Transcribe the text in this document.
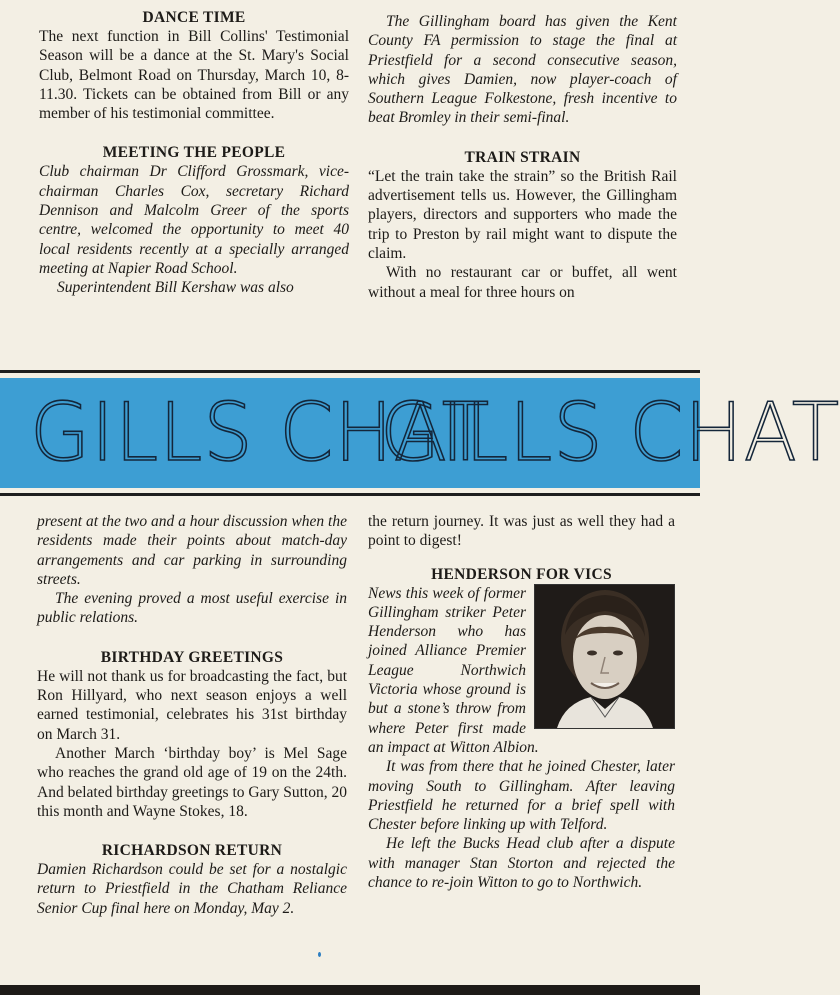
DANCE TIME

The next function in Bill Collins' Testimonial Season will be a dance at the St. Mary's Social Club, Belmont Road on Thursday, March 10, 8-11.30. Tickets can be obtained from Bill or any member of his testimonial committee.

MEETING THE PEOPLE

Club chairman Dr Clifford Grossmark, vice-chairman Charles Cox, secretary Richard Dennison and Malcolm Greer of the sports centre, welcomed the opportunity to meet 40 local residents recently at a specially arranged meeting at Napier Road School.

Superintendent Bill Kershaw was also

The Gillingham board has given the Kent County FA permission to stage the final at Priestfield for a second consecutive season, which gives Damien, now player-coach of Southern League Folkestone, fresh incentive to beat Bromley in their semi-final.

TRAIN STRAIN

“Let the train take the strain” so the British Rail advertisement tells us. However, the Gillingham players, directors and supporters who made the trip to Preston by rail might want to dispute the claim.

With no restaurant car or buffet, all went without a meal for three hours on

GILLS CHAT
GILLS CHAT

present at the two and a hour discussion when the residents made their points about match-day arrangements and car parking in surrounding streets.

The evening proved a most useful exercise in public relations.

BIRTHDAY GREETINGS

He will not thank us for broadcasting the fact, but Ron Hillyard, who next season enjoys a well earned testimonial, celebrates his 31st birthday on March 31.

Another March ‘birthday boy’ is Mel Sage who reaches the grand old age of 19 on the 24th. And belated birthday greetings to Gary Sutton, 20 this month and Wayne Stokes, 18.

RICHARDSON RETURN

Damien Richardson could be set for a nostalgic return to Priestfield in the Chatham Reliance Senior Cup final here on Monday, May 2.

the return journey. It was just as well they had a point to digest!

HENDERSON FOR VICS

News this week of former Gillingham striker Peter Henderson who has joined Alliance Premier League Northwich Victoria whose ground is but a stone’s throw from where Peter first made an impact at Witton Albion.

It was from there that he joined Chester, later moving South to Gillingham. After leaving Priestfield he returned for a brief spell with Chester before linking up with Telford.

He left the Bucks Head club after a dispute with manager Stan Storton and rejected the chance to re-join Witton to go to Northwich.
